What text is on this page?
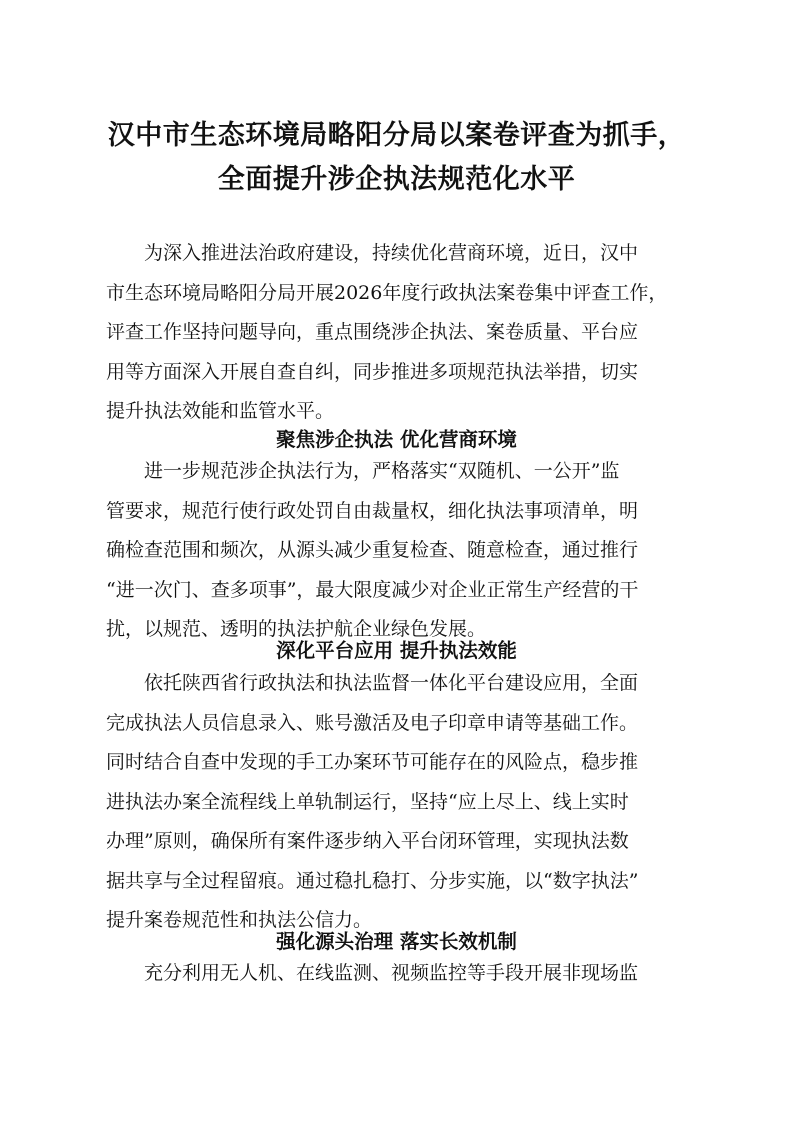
汉中市生态环境局略阳分局以案卷评查为抓手，
全面提升涉企执法规范化水平
　　为深入推进法治政府建设，持续优化营商环境，近日，汉中
市生态环境局略阳分局开展2026年度行政执法案卷集中评查工作，
评查工作坚持问题导向，重点围绕涉企执法、案卷质量、平台应
用等方面深入开展自查自纠，同步推进多项规范执法举措，切实
提升执法效能和监管水平。
聚焦涉企执法 优化营商环境
　　进一步规范涉企执法行为，严格落实“双随机、一公开”监
管要求，规范行使行政处罚自由裁量权，细化执法事项清单，明
确检查范围和频次，从源头减少重复检查、随意检查，通过推行
“进一次门、查多项事”，最大限度减少对企业正常生产经营的干
扰，以规范、透明的执法护航企业绿色发展。
深化平台应用 提升执法效能
　　依托陕西省行政执法和执法监督一体化平台建设应用，全面
完成执法人员信息录入、账号激活及电子印章申请等基础工作。
同时结合自查中发现的手工办案环节可能存在的风险点，稳步推
进执法办案全流程线上单轨制运行，坚持“应上尽上、线上实时
办理”原则，确保所有案件逐步纳入平台闭环管理，实现执法数
据共享与全过程留痕。通过稳扎稳打、分步实施，以“数字执法”
提升案卷规范性和执法公信力。
强化源头治理 落实长效机制
　　充分利用无人机、在线监测、视频监控等手段开展非现场监
